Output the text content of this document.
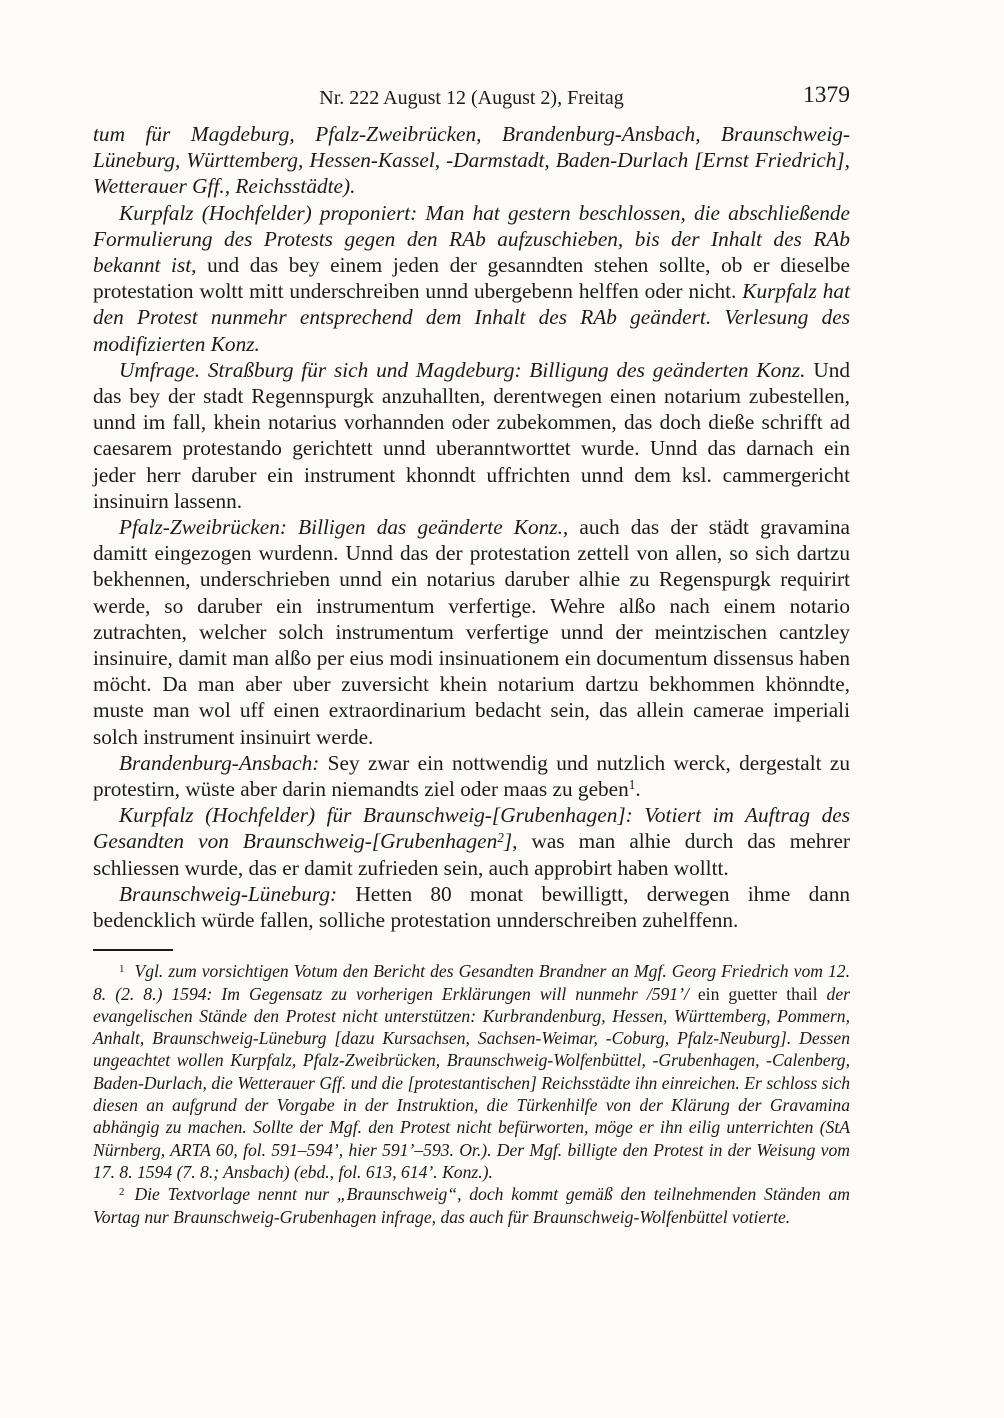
Nr. 222 August 12 (August 2), Freitag	1379

tum für Magdeburg, Pfalz-Zweibrücken, Brandenburg-Ansbach, Braunschweig-Lüneburg, Württemberg, Hessen-Kassel, -Darmstadt, Baden-Durlach [Ernst Friedrich], Wetterauer Gff., Reichsstädte).

Kurpfalz (Hochfelder) proponiert: Man hat gestern beschlossen, die abschließende Formulierung des Protests gegen den RAb aufzuschieben, bis der Inhalt des RAb bekannt ist, und das bey einem jeden der gesanndten stehen sollte, ob er dieselbe protestation woltt mitt underschreiben unnd ubergebenn helffen oder nicht. Kurpfalz hat den Protest nunmehr entsprechend dem Inhalt des RAb geändert. Verlesung des modifizierten Konz.

Umfrage. Straßburg für sich und Magdeburg: Billigung des geänderten Konz. Und das bey der stadt Regennspurgk anzuhallten, derentwegen einen notarium zubestellen, unnd im fall, khein notarius vorhannden oder zubekommen, das doch dieße schrifft ad caesarem protestando gerichtett unnd uberanntworttet wurde. Unnd das darnach ein jeder herr daruber ein instrument khonndt uffrichten unnd dem ksl. cammergericht insinuirn lassenn.

Pfalz-Zweibrücken: Billigen das geänderte Konz., auch das der städt gravamina damitt eingezogen wurdenn. Unnd das der protestation zettell von allen, so sich dartzu bekhennen, underschrieben unnd ein notarius daruber alhie zu Regenspurgk requirirt werde, so daruber ein instrumentum verfertige. Wehre alßo nach einem notario zutrachten, welcher solch instrumentum verfertige unnd der meintzischen cantzley insinuire, damit man alßo per eius modi insinuationem ein documentum dissensus haben möcht. Da man aber uber zuversicht khein notarium dartzu bekhommen khönndte, muste man wol uff einen extraordinarium bedacht sein, das allein camerae imperiali solch instrument insinuirt werde.

Brandenburg-Ansbach: Sey zwar ein nottwendig und nutzlich werck, dergestalt zu protestirn, wüste aber darin niemandts ziel oder maas zu geben$^1$.

Kurpfalz (Hochfelder) für Braunschweig-[Grubenhagen]: Votiert im Auftrag des Gesandten von Braunschweig-[Grubenhagen$^2$], was man alhie durch das mehrer schliessen wurde, das er damit zufrieden sein, auch approbirt haben wolltt.

Braunschweig-Lüneburg: Hetten 80 monat bewilligtt, derwegen ihme dann bedencklich würde fallen, solliche protestation unnderschreiben zuhelffenn.

$^1$ Vgl. zum vorsichtigen Votum den Bericht des Gesandten Brandner an Mgf. Georg Friedrich vom 12. 8. (2. 8.) 1594: Im Gegensatz zu vorherigen Erklärungen will nunmehr /591’/ ein guetter thail der evangelischen Stände den Protest nicht unterstützen: Kurbrandenburg, Hessen, Württemberg, Pommern, Anhalt, Braunschweig-Lüneburg [dazu Kursachsen, Sachsen-Weimar, -Coburg, Pfalz-Neuburg]. Dessen ungeachtet wollen Kurpfalz, Pfalz-Zweibrücken, Braunschweig-Wolfenbüttel, -Grubenhagen, -Calenberg, Baden-Durlach, die Wetterauer Gff. und die [protestantischen] Reichsstädte ihn einreichen. Er schloss sich diesen an aufgrund der Vorgabe in der Instruktion, die Türkenhilfe von der Klärung der Gravamina abhängig zu machen. Sollte der Mgf. den Protest nicht befürworten, möge er ihn eilig unterrichten (StA Nürnberg, ARTA 60, fol. 591–594’, hier 591’–593. Or.). Der Mgf. billigte den Protest in der Weisung vom 17. 8. 1594 (7. 8.; Ansbach) (ebd., fol. 613, 614’. Konz.).

$^2$ Die Textvorlage nennt nur „Braunschweig“, doch kommt gemäß den teilnehmenden Ständen am Vortag nur Braunschweig-Grubenhagen infrage, das auch für Braunschweig-Wolfenbüttel votierte.
